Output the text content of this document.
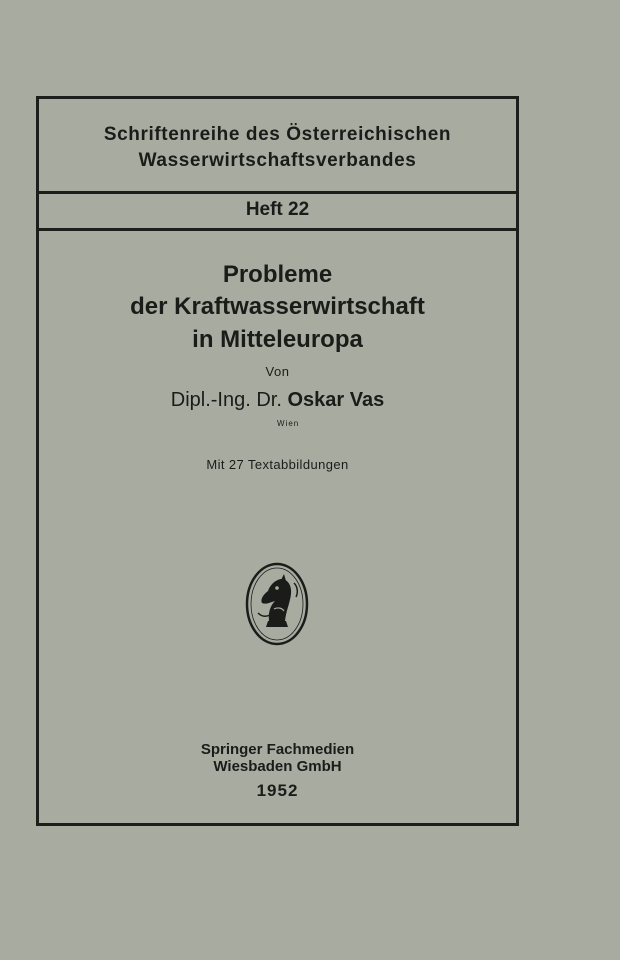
Schriftenreihe des Österreichischen
Wasserwirtschaftsverbandes
Heft 22
Probleme
der Kraftwasserwirtschaft
in Mitteleuropa
Von
Dipl.-Ing. Dr. Oskar Vas
Wien
Mit 27 Textabbildungen
Springer Fachmedien
Wiesbaden GmbH
1952
